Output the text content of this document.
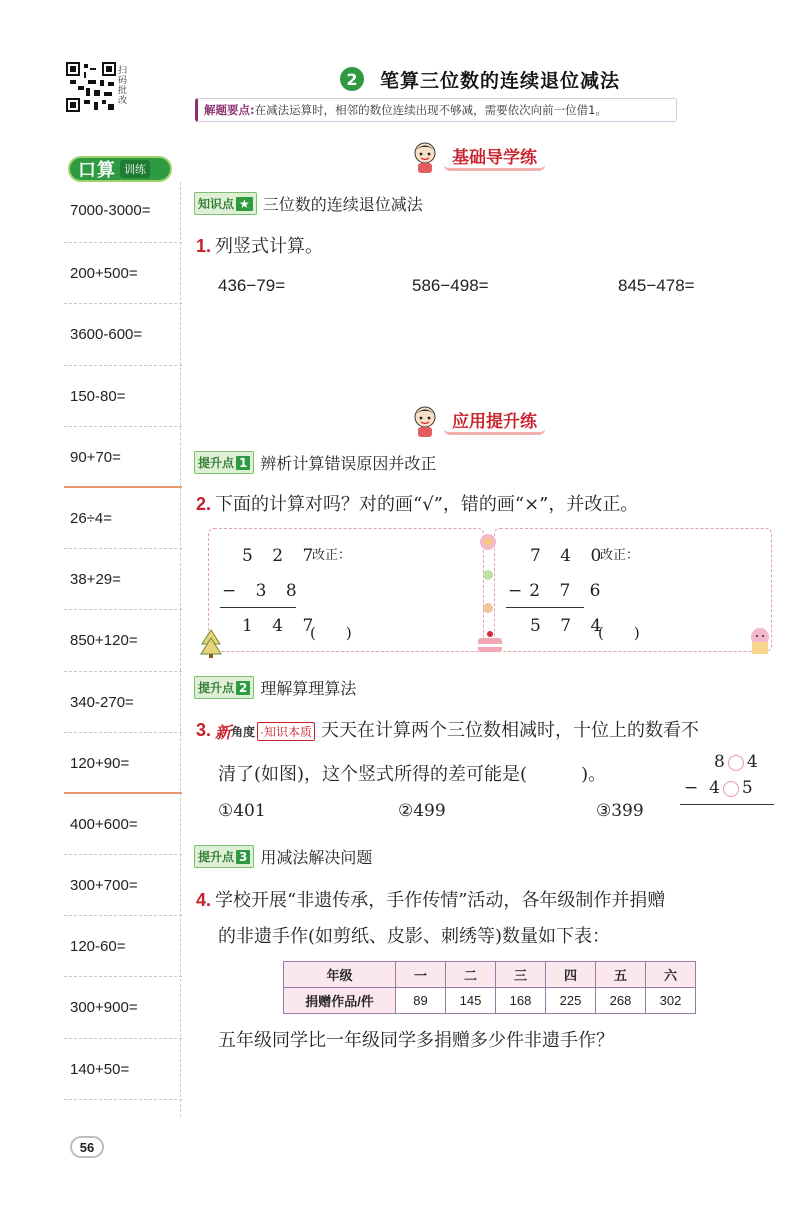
扫码批改
2	笔算三位数的连续退位减法
解题要点:在减法运算时，相邻的数位连续出现不够减，需要依次向前一位借1。
口算 训练
7000-3000=
200+500=
3600-600=
150-80=
90+70=
26÷4=
38+29=
850+120=
340-270=
120+90=
400+600=
300+700=
120-60=
300+900=
140+50=
基础导学练
知识点 ★ 三位数的连续退位减法
1. 列竖式计算。
436−79=	586−498=	845−478=
应用提升练
提升点 1 辨析计算错误原因并改正
2. 下面的计算对吗？对的画“√”，错的画“×”，并改正。
5 2 7
− 3 8
1 4 7
改正：
(　　)
7 4 0
−2 7 6
5 7 4
改正：
(　　)
提升点 2 理解算理算法
3. 新 角度 ·知识本质 天天在计算两个三位数相减时，十位上的数看不
清了(如图)，这个竖式所得的差可能是(　　　)。
8 4
− 4 5
①401	②499	③399
提升点 3 用减法解决问题
4. 学校开展“非遗传承，手作传情”活动，各年级制作并捐赠
的非遗手作(如剪纸、皮影、刺绣等)数量如下表：
年级	一	二	三	四	五	六
捐赠作品/件	89	145	168	225	268	302
五年级同学比一年级同学多捐赠多少件非遗手作？
56
